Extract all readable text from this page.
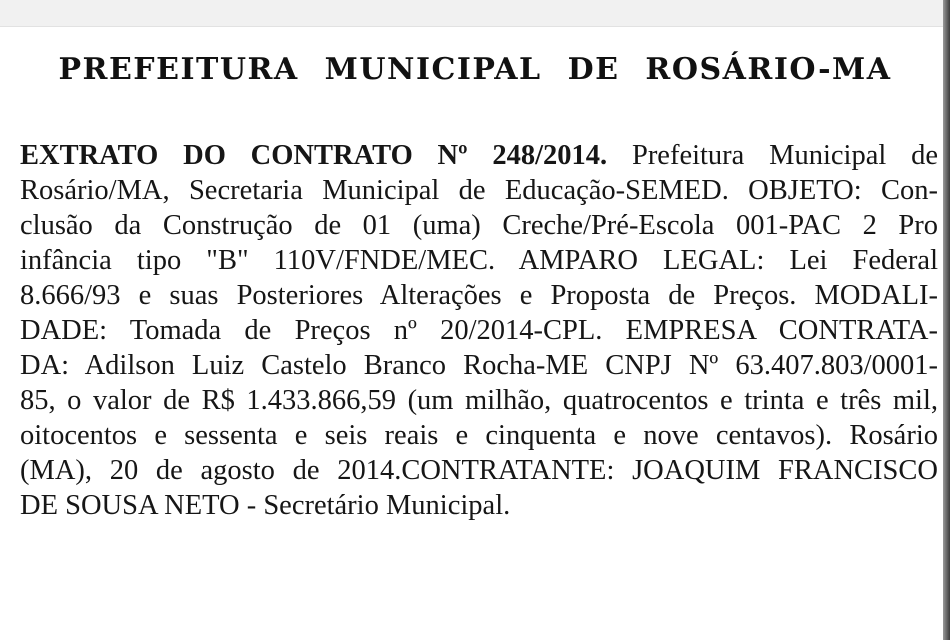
PREFEITURA MUNICIPAL DE ROSÁRIO-MA
EXTRATO DO CONTRATO Nº 248/2014. Prefeitura Municipal de
Rosário/MA, Secretaria Municipal de Educação-SEMED. OBJETO: Con-
clusão da Construção de 01 (uma) Creche/Pré-Escola 001-PAC 2 Pro
infância tipo "B" 110V/FNDE/MEC. AMPARO LEGAL: Lei Federal
8.666/93 e suas Posteriores Alterações e Proposta de Preços. MODALI-
DADE: Tomada de Preços nº 20/2014-CPL. EMPRESA CONTRATA-
DA: Adilson Luiz Castelo Branco Rocha-ME CNPJ Nº 63.407.803/0001-
85, o valor de R$ 1.433.866,59 (um milhão, quatrocentos e trinta e três mil,
oitocentos e sessenta e seis reais e cinquenta e nove centavos). Rosário
(MA), 20 de agosto de 2014.CONTRATANTE: JOAQUIM FRANCISCO
DE SOUSA NETO - Secretário Municipal.
